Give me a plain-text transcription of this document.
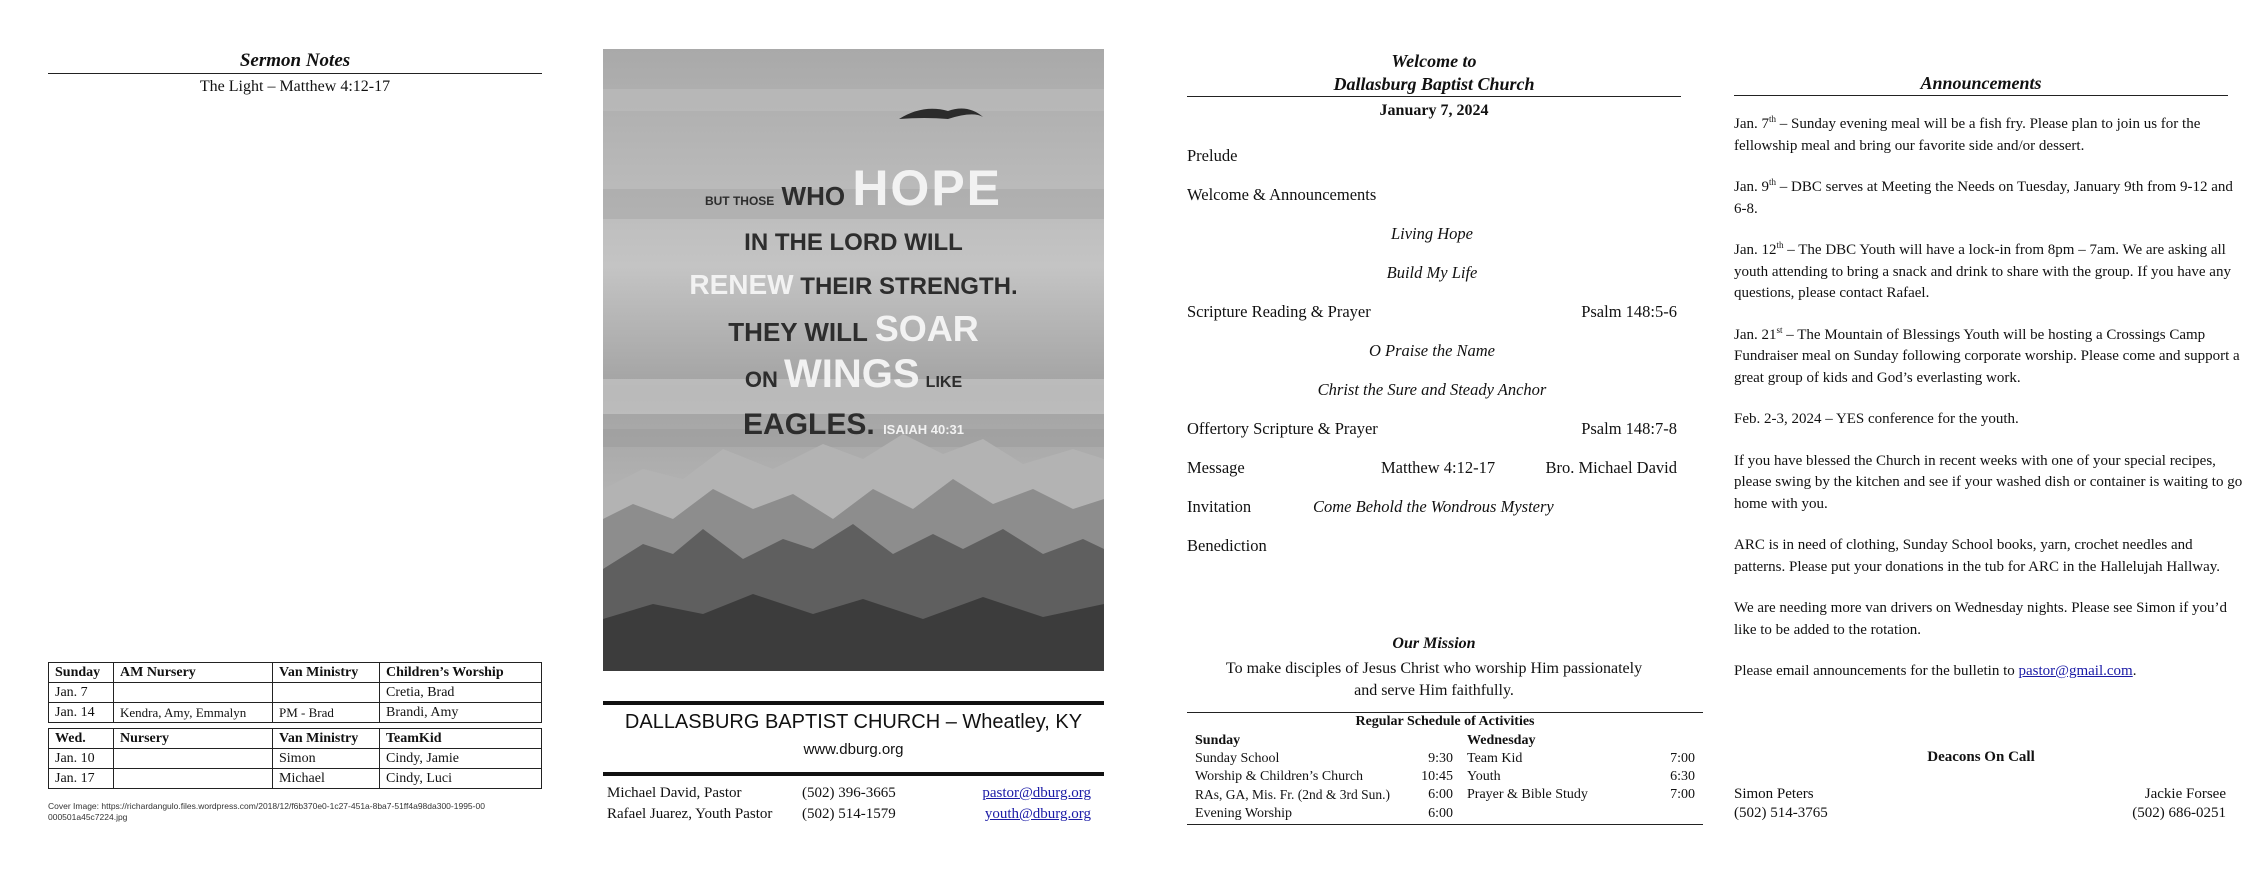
Sermon Notes
The Light – Matthew 4:12-17
Sunday	AM Nursery	Van Ministry	Children’s Worship
Jan. 7			Cretia, Brad
Jan. 14	Kendra, Amy, Emmalyn	PM - Brad	Brandi, Amy
Wed.	Nursery	Van Ministry	TeamKid
Jan. 10		Simon	Cindy, Jamie
Jan. 17		Michael	Cindy, Luci
Cover Image: https://richardangulo.files.wordpress.com/2018/12/f6b370e0-1c27-451a-8ba7-51ff4a98da300-1995-00000501a45c7224.jpg
BUT THOSE WHO HOPE
IN THE LORD WILL
RENEW THEIR STRENGTH.
THEY WILL SOAR
ON WINGS LIKE
EAGLES. ISAIAH 40:31
DALLASBURG BAPTIST CHURCH – Wheatley, KY
www.dburg.org
Michael David, Pastor	(502) 396-3665	pastor@dburg.org
Rafael Juarez, Youth Pastor (502) 514-1579	youth@dburg.org
Welcome to
Dallasburg Baptist Church
January 7, 2024
Prelude
Welcome & Announcements
Living Hope
Build My Life
Scripture Reading & Prayer	Psalm 148:5-6
O Praise the Name
Christ the Sure and Steady Anchor
Offertory Scripture & Prayer	Psalm 148:7-8
Message	Matthew 4:12-17	Bro. Michael David
Invitation	Come Behold the Wondrous Mystery
Benediction
Our Mission
To make disciples of Jesus Christ who worship Him passionately
and serve Him faithfully.
Regular Schedule of Activities
Sunday
Sunday School	9:30
Worship & Children’s Church	10:45
RAs, GA, Mis. Fr. (2nd & 3rd Sun.)	6:00
Evening Worship	6:00
Wednesday
Team Kid	7:00
Youth	6:30
Prayer & Bible Study	7:00
Announcements

Jan. 7th – Sunday evening meal will be a fish fry. Please plan to join us for the fellowship meal and bring our favorite side and/or dessert.

Jan. 9th – DBC serves at Meeting the Needs on Tuesday, January 9th from 9-12 and 6-8.

Jan. 12th – The DBC Youth will have a lock-in from 8pm – 7am. We are asking all youth attending to bring a snack and drink to share with the group. If you have any questions, please contact Rafael.

Jan. 21st – The Mountain of Blessings Youth will be hosting a Crossings Camp Fundraiser meal on Sunday following corporate worship. Please come and support a great group of kids and God’s everlasting work.

Feb. 2-3, 2024 – YES conference for the youth.

If you have blessed the Church in recent weeks with one of your special recipes, please swing by the kitchen and see if your washed dish or container is waiting to go home with you.

ARC is in need of clothing, Sunday School books, yarn, crochet needles and patterns. Please put your donations in the tub for ARC in the Hallelujah Hallway.

We are needing more van drivers on Wednesday nights. Please see Simon if you’d like to be added to the rotation.

Please email announcements for the bulletin to pastor@gmail.com.

Deacons On Call
Simon Peters
(502) 514-3765
Jackie Forsee
(502) 686-0251
